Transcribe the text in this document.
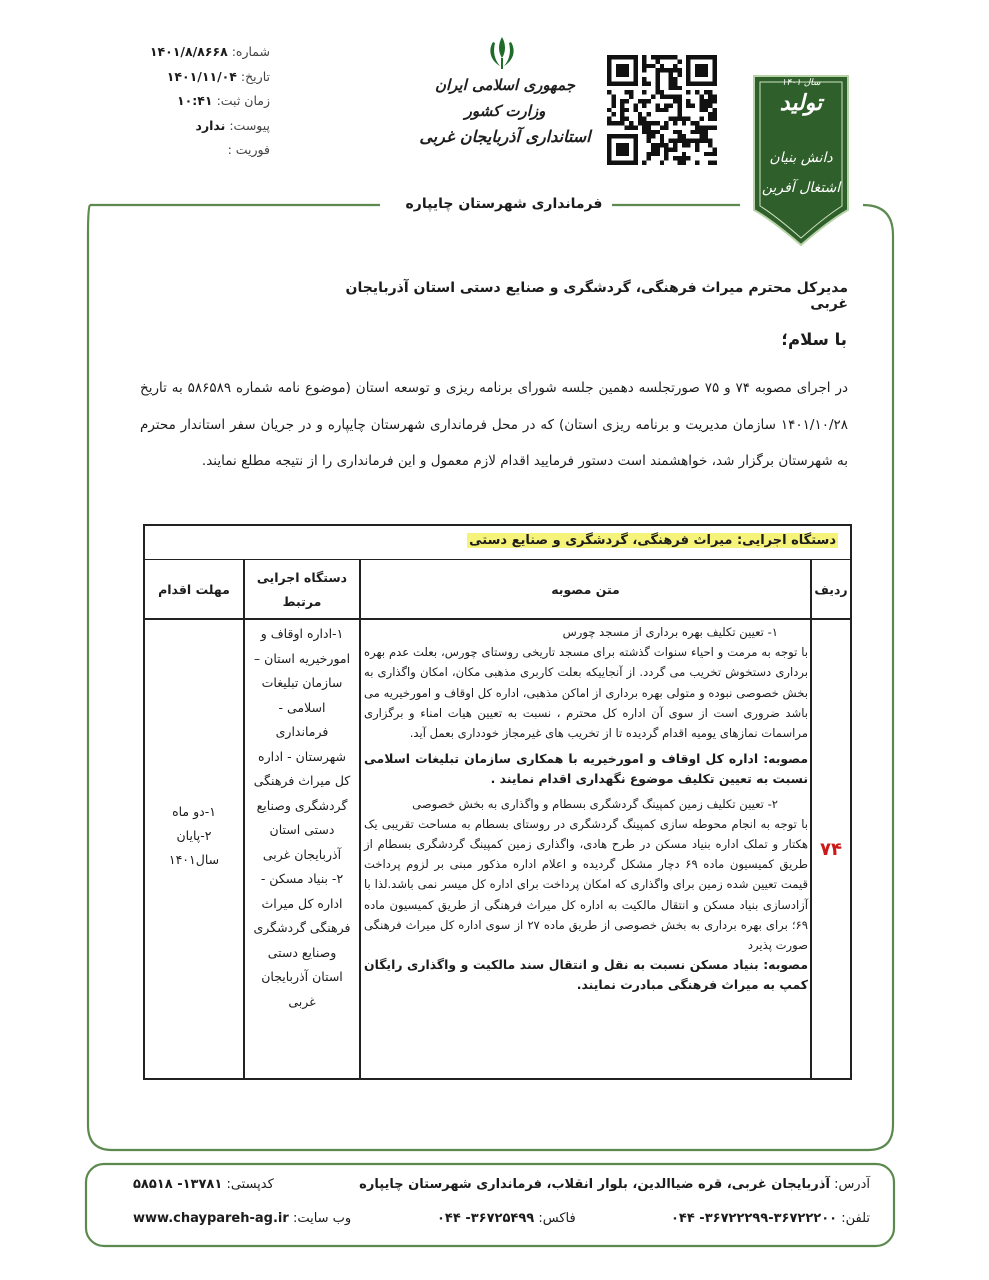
شماره: ۱۴۰۱/۸/۸۶۶۸
تاریخ: ۱۴۰۱/۱۱/۰۴
زمان ثبت: ۱۰:۴۱
پیوست: ندارد
فوریت :
جمهوری اسلامی ایران
وزارت کشور
استانداری آذربایجان غربی
سال ۱۴۰۱
تولید
دانش بنیان
اشتغال آفرین
فرمانداری شهرستان چایپاره
مدیرکل محترم میراث فرهنگی، گردشگری و صنایع دستی استان آذربایجان غربی
با سلام؛
در اجرای مصوبه ۷۴ و ۷۵ صورتجلسه دهمین جلسه شورای برنامه ریزی و توسعه استان (موضوع نامه شماره ۵۸۶۵۸۹ به تاریخ ۱۴۰۱/۱۰/۲۸ سازمان مدیریت و برنامه ریزی استان) که در محل فرمانداری شهرستان چایپاره و در جریان سفر استاندار محترم به شهرستان برگزار شد، خواهشمند است دستور فرمایید اقدام لازم معمول و این فرمانداری را از نتیجه مطلع نمایند.
دستگاه اجرایی: میراث فرهنگی، گردشگری و صنایع دستی
ردیف
متن مصوبه
دستگاه اجرایی مرتبط
مهلت اقدام
۷۴
۱-دو ماه
۲-پایان
سال۱۴۰۱
۱-اداره اوقاف و
امورخیریه استان –
سازمان تبلیغات
اسلامی -
فرمانداری
شهرستان - اداره
کل میراث فرهنگی
گردشگری وصنایع
دستی استان
آذربایجان غربی
۲- بنیاد مسکن -
اداره کل میراث
فرهنگی گردشگری
وصنایع دستی
استان آذربایجان
غربی

۱- تعیین تکلیف بهره برداری از مسجد چورس

با توجه به مرمت و احیاء سنوات گذشته برای مسجد تاریخی روستای چورس، بعلت عدم بهره برداری دستخوش تخریب می گردد. از آنجاییکه بعلت کاربری مذهبی مکان، امکان واگذاری به بخش خصوصی نبوده و متولی بهره برداری از اماکن مذهبی، اداره کل اوقاف و امورخیریه می باشد ضروری است از سوی آن اداره کل محترم ، نسبت به تعیین هیات امناء و برگزاری مراسمات نمازهای یومیه اقدام گردیده تا از تخریب های غیرمجاز خودداری بعمل آید.

مصوبه: اداره کل اوقاف و امورخیریه با همکاری سازمان تبلیغات اسلامی نسبت به تعیین تکلیف موضوع نگهداری اقدام نمایند .

۲- تعیین تکلیف زمین کمپینگ گردشگری بسطام و واگذاری به بخش خصوصی

با توجه به انجام محوطه سازی کمپینگ گردشگری در روستای بسطام به مساحت تقریبی یک هکتار و تملک اداره بنیاد مسکن در طرح هادی، واگذاری زمین کمپینگ گردشگری بسطام از طریق کمیسیون ماده ۶۹ دچار مشکل گردیده و اعلام اداره مذکور مبنی بر لزوم پرداخت قیمت تعیین شده زمین برای واگذاری که امکان پرداخت برای اداره کل میسر نمی باشد.لذا با آزادسازی بنیاد مسکن و انتقال مالکیت به اداره کل میراث فرهنگی از طریق کمیسیون ماده ۶۹؛ برای بهره برداری به بخش خصوصی از طریق ماده ۲۷ از سوی اداره کل میراث فرهنگی صورت پذیرد

مصوبه: بنیاد مسکن نسبت به نقل و انتقال سند مالکیت و واگذاری رایگان کمپ به میراث فرهنگی مبادرت نمایند.

آدرس: آذربایجان غربی، قره ضیاالدین، بلوار انقلاب، فرمانداری شهرستان چایپاره
کدپستی: ۱۳۷۸۱- ۵۸۵۱۸
تلفن: ۳۶۷۲۲۲۰۰-۳۶۷۲۲۲۹۹- ۰۴۴
فاکس: ۳۶۷۲۵۴۹۹- ۰۴۴
وب سایت: www.chaypareh-ag.ir
